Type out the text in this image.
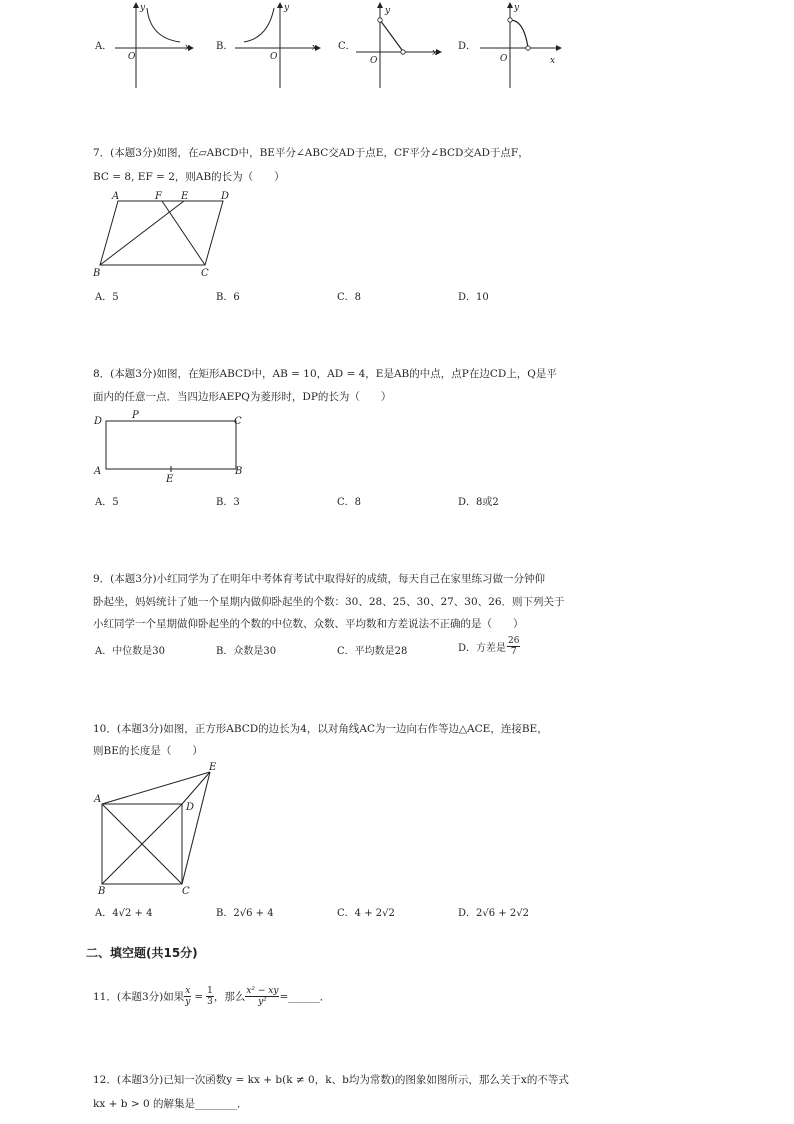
A．	x
y
O
B．	x
y
O
C．
x
y
O
D．
x
y
O
7．(本题3分)如图，在▱ABCD中，BE平分∠ABC交AD于点E，CF平分∠BCD交AD于点F，
BC = 8, EF = 2，则AB的长为（　　）
A	F E	D
B	C
A．5	B．6	C．8	D．10
8．(本题3分)如图，在矩形ABCD中，AB = 10，AD = 4，E是AB的中点，点P在边CD上，Q是平
面内的任意一点．当四边形AEPQ为菱形时，DP的长为（　　）
D
P
C
A
E
B
A．5	B．3	C．8	D．8或2
9．(本题3分)小红同学为了在明年中考体育考试中取得好的成绩，每天自己在家里练习做一分钟仰
卧起坐，妈妈统计了她一个星期内做仰卧起坐的个数：30、28、25、30、27、30、26．则下列关于
小红同学一个星期做仰卧起坐的个数的中位数、众数、平均数和方差说法不正确的是（　　）
A．中位数是30	B．众数是30	C．平均数是28	D．方差是 $\frac{26}{7}$
10．(本题3分)如图，正方形ABCD的边长为4，以对角线AC为一边向右作等边△ACE，连接BE，
则BE的长度是（　　）
A
B	C
D
E
A．4√2 + 4	B．2√6 + 4	C．4 + 2√2	D．2√6 + 2√2
二、填空题(共15分)
11．(本题3分)如果 $\frac{x}{y} = \frac{1}{3}$ ，那么 $\frac{\text{x² − xy}}{\text{y²}}$ =______．
12．(本题3分)已知一次函数y = kx + b(k ≠ 0，k、b均为常数)的图象如图所示，那么关于x的不等式
kx + b > 0 的解集是________．
